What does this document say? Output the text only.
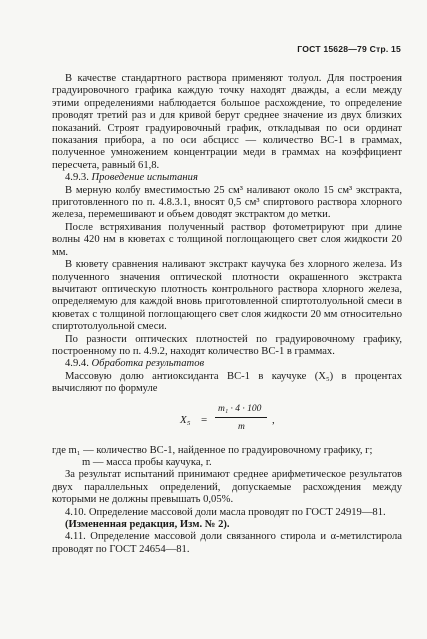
ГОСТ 15628—79 Стр. 15

В качестве стандартного раствора применяют толуол. Для построения градуировочного графика каждую точку находят дважды, а если между этими определениями наблюдается большое расхождение, то определение проводят третий раз и для кривой берут среднее значение из двух близких показаний. Строят градуировочный график, откладывая по оси ординат показания прибора, а по оси абсцисс — количество ВС-1 в граммах, полученное умножением концентрации меди в граммах на коэффициент пересчета, равный 61,8.

4.9.3. Проведение испытания

В мерную колбу вместимостью 25 см³ наливают около 15 см³ экстракта, приготовленного по п. 4.8.3.1, вносят 0,5 см³ спиртового раствора хлорного железа, перемешивают и объем доводят экстрактом до метки.

После встряхивания полученный раствор фотометрируют при длине волны 420 нм в кюветах с толщиной поглощающего свет слоя жидкости 20 мм.

В кювету сравнения наливают экстракт каучука без хлорного железа. Из полученного значения оптической плотности окрашенного экстракта вычитают оптическую плотность контрольного раствора хлорного железа, определяемую для каждой вновь приготовленной спиртотолуольной смеси в кюветах с толщиной поглощающего свет слоя жидкости 20 мм относительно спиртотолуольной смеси.

По разности оптических плотностей по градуировочному графику, построенному по п. 4.9.2, находят количество ВС-1 в граммах.

4.9.4. Обработка результатов

Массовую долю антиоксиданта ВС-1 в каучуке (X₅) в процентах вычисляют по формуле

X₅ =
m₁ · 4 · 100
m
,

где m₁ — количество ВС-1, найденное по градуировочному графику, г;

m — масса пробы каучука, г.

За результат испытаний принимают среднее арифметическое результатов двух параллельных определений, допускаемые расхождения между которыми не должны превышать 0,05%.

4.10. Определение массовой доли масла проводят по ГОСТ 24919—81.

(Измененная редакция, Изм. № 2).

4.11. Определение массовой доли связанного стирола и α-метилстирола проводят по ГОСТ 24654—81.
